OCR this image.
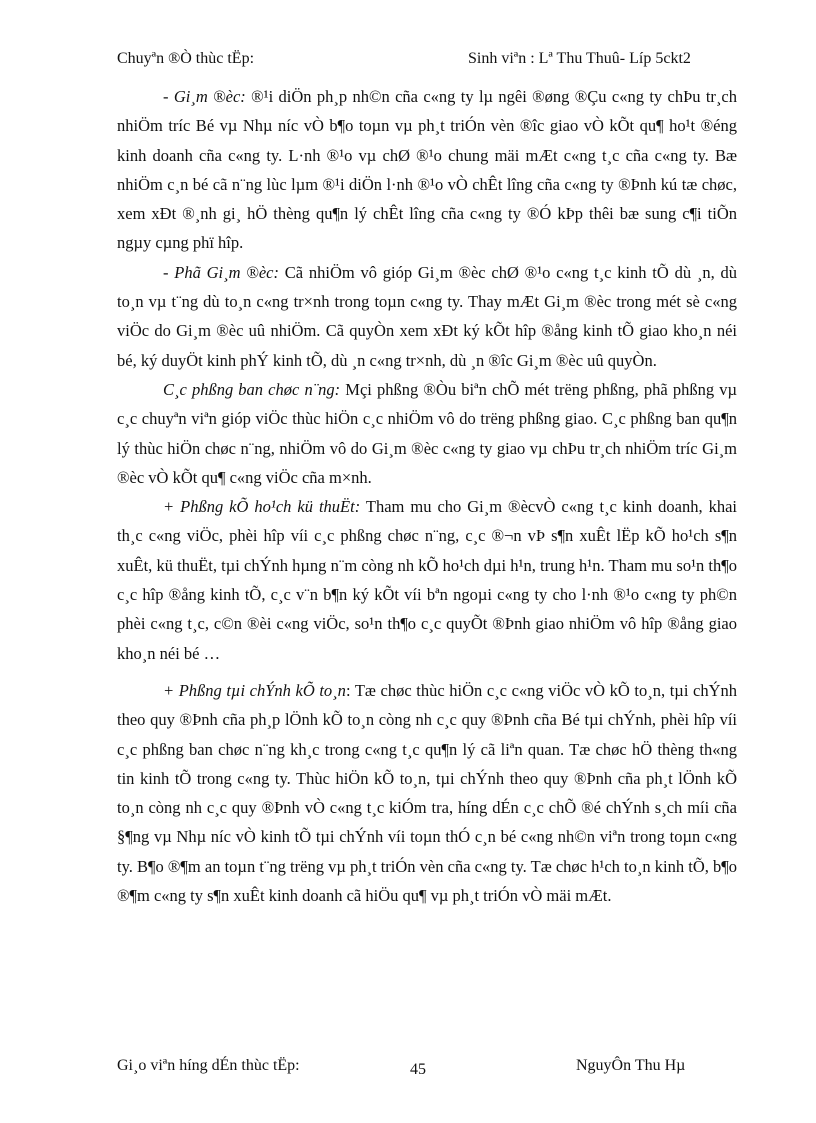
Chuyªn ®Ò thùc tËp:	Sinh viªn : Lª Thu Thuû- Líp 5ckt2

- Gi¸m ®èc: ®¹i diÖn ph¸p nh©n cña c«ng ty lµ ngêi ®øng ®Çu c«ng ty chÞu tr¸ch nhiÖm tríc Bé vµ Nhµ níc vÒ b¶o toµn vµ ph¸t triÓn vèn ®îc giao vÒ kÕt qu¶ ho¹t ®éng kinh doanh cña c«ng ty. L·nh ®¹o vµ chØ ®¹o chung mäi mÆt c«ng t¸c cña c«ng ty. Bæ nhiÖm c¸n bé cã n¨ng lùc lµm ®¹i diÖn l·nh ®¹o vÒ chÊt lîng cña c«ng ty ®Þnh kú tæ chøc, xem xÐt ®¸nh gi¸ hÖ thèng qu¶n lý chÊt lîng cña c«ng ty ®Ó kÞp thêi bæ sung c¶i tiÕn ngµy cµng phï hîp.

- Phã Gi¸m ®èc: Cã nhiÖm vô gióp Gi¸m ®èc chØ ®¹o c«ng t¸c kinh tÕ dù ¸n, dù to¸n vµ t¨ng dù to¸n c«ng tr×nh trong toµn c«ng ty. Thay mÆt Gi¸m ®èc trong mét sè c«ng viÖc do Gi¸m ®èc uû nhiÖm. Cã quyÒn xem xÐt ký kÕt hîp ®ång kinh tÕ giao kho¸n néi bé, ký duyÖt kinh phÝ kinh tÕ, dù ¸n c«ng tr×nh, dù ¸n ®îc Gi¸m ®èc uû quyÒn.

C¸c phßng ban chøc n¨ng: Mçi phßng ®Òu biªn chÕ mét trëng phßng, phã phßng vµ c¸c chuyªn viªn gióp viÖc thùc hiÖn c¸c nhiÖm vô do trëng phßng giao. C¸c phßng ban qu¶n lý thùc hiÖn chøc n¨ng, nhiÖm vô do Gi¸m ®èc c«ng ty giao vµ chÞu tr¸ch nhiÖm tríc Gi¸m ®èc vÒ kÕt qu¶ c«ng viÖc cña m×nh.

+ Phßng kÕ ho¹ch kü thuËt: Tham mu cho Gi¸m ®ècvÒ c«ng t¸c kinh doanh, khai th¸c c«ng viÖc, phèi hîp víi c¸c phßng chøc n¨ng, c¸c ®¬n vÞ s¶n xuÊt lËp kÕ ho¹ch s¶n xuÊt, kü thuËt, tµi chÝnh hµng n¨m còng nh kÕ ho¹ch dµi h¹n, trung h¹n. Tham mu so¹n th¶o c¸c hîp ®ång kinh tÕ, c¸c v¨n b¶n ký kÕt víi bªn ngoµi c«ng ty cho l·nh ®¹o c«ng ty ph©n phèi c«ng t¸c, c©n ®èi c«ng viÖc, so¹n th¶o c¸c quyÕt ®Þnh giao nhiÖm vô hîp ®ång giao kho¸n néi bé …

+ Phßng tµi chÝnh kÕ to¸n: Tæ chøc thùc hiÖn c¸c c«ng viÖc vÒ kÕ to¸n, tµi chÝnh theo quy ®Þnh cña ph¸p lÖnh kÕ to¸n còng nh c¸c quy ®Þnh cña Bé tµi chÝnh, phèi hîp víi c¸c phßng ban chøc n¨ng kh¸c trong c«ng t¸c qu¶n lý cã liªn quan. Tæ chøc hÖ thèng th«ng tin kinh tÕ trong c«ng ty. Thùc hiÖn kÕ to¸n, tµi chÝnh theo quy ®Þnh cña ph¸t lÖnh kÕ to¸n còng nh c¸c quy ®Þnh vÒ c«ng t¸c kiÓm tra, híng dÉn c¸c chÕ ®é chÝnh s¸ch míi cña §¶ng vµ Nhµ níc vÒ kinh tÕ tµi chÝnh víi toµn thÓ c¸n bé c«ng nh©n viªn trong toµn c«ng ty. B¶o ®¶m an toµn t¨ng trëng vµ ph¸t triÓn vèn cña c«ng ty. Tæ chøc h¹ch to¸n kinh tÕ, b¶o ®¶m c«ng ty s¶n xuÊt kinh doanh cã hiÖu qu¶ vµ ph¸t triÓn vÒ mäi mÆt.

Gi¸o viªn híng dÉn thùc tËp:	45	NguyÔn Thu Hµ
